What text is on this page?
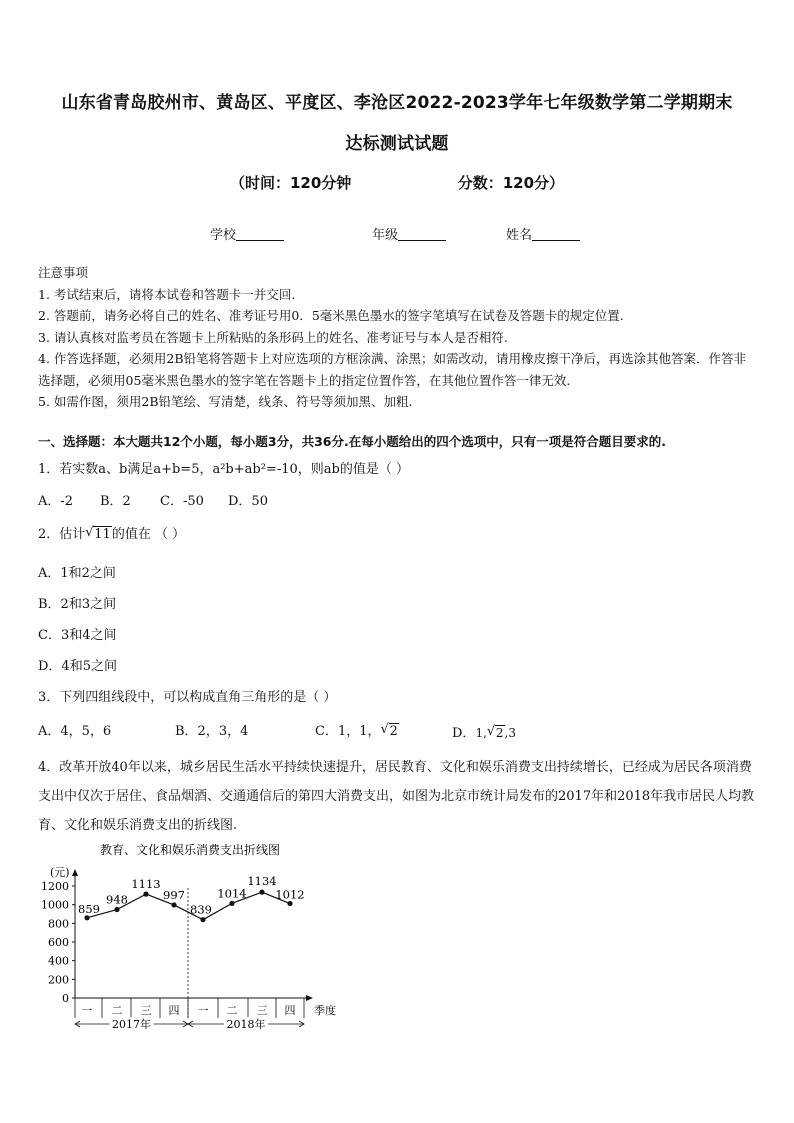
山东省青岛胶州市、黄岛区、平度区、李沧区2022-2023学年七年级数学第二学期期末
达标测试试题
（时间：120分钟	分数：120分）
学校	年级	姓名
注意事项
1. 考试结束后，请将本试卷和答题卡一并交回.
2. 答题前，请务必将自己的姓名、准考证号用0．5毫米黑色墨水的签字笔填写在试卷及答题卡的规定位置.
3. 请认真核对监考员在答题卡上所粘贴的条形码上的姓名、准考证号与本人是否相符.
4. 作答选择题，必须用2B铅笔将答题卡上对应选项的方框涂满、涂黑；如需改动，请用橡皮擦干净后，再选涂其他答案．作答非选择题，必须用05毫米黑色墨水的签字笔在答题卡上的指定位置作答，在其他位置作答一律无效.
5. 如需作图，须用2B铅笔绘、写清楚，线条、符号等须加黑、加粗.
一、选择题：本大题共12个小题，每小题3分，共36分.在每小题给出的四个选项中，只有一项是符合题目要求的.
1．若实数a、b满足a+b=5，a²b+ab²=-10，则ab的值是（ ）
A．-2 B．2 C．-50 D．50
2．估计 √ 11的值在 （ ）
A．1和2之间
B．2和3之间
C．3和4之间
D．4和5之间
3．下列四组线段中，可以构成直角三角形的是（ ）
A．4，5，6	B．2，3，4	C．1，1， √ 2	D．1, √ 2,3
4．改革开放40年以来，城乡居民生活水平持续快速提升，居民教育、文化和娱乐消费支出持续增长，已经成为居民各项消费支出中仅次于居住、食品烟酒、交通通信后的第四大消费支出，如图为北京市统计局发布的2017年和2018年我市居民人均教育、文化和娱乐消费支出的折线图.
教育、文化和娱乐消费支出折线图
(元)
0
200
400
600
800
1000
1200
一 二 三 四 一 二 三 四 季度
2017年	2018年
859
948
1113
997
839
1014
1134
1012
